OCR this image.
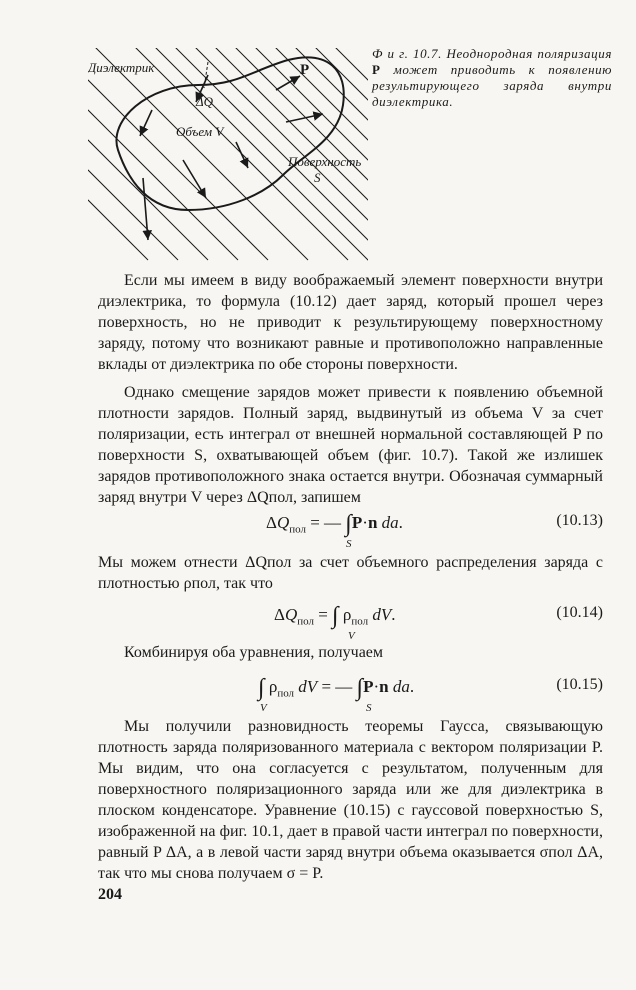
Диэлектрик
ΔQ
Объем V
Поверхность
S
P
Ф и г. 10.7. Неоднородная поляризация P может приводить к появлению результирующего заряда внутри диэлектрика.
Если мы имеем в виду воображаемый элемент поверхности внутри диэлектрика, то формула (10.12) дает заряд, который прошел через поверхность, но не приводит к результирующему поверхностному заряду, потому что возникают равные и противоположно направленные вклады от диэлектрика по обе стороны поверхности.
Однако смещение зарядов может привести к появлению объемной плотности зарядов. Полный заряд, выдвинутый из объема V за счет поляризации, есть интеграл от внешней нормальной составляющей P по поверхности S, охватывающей объем (фиг. 10.7). Такой же излишек зарядов противоположного знака остается внутри. Обозначая суммарный заряд внутри V через ΔQпол, запишем
$\Delta Q_{пол}$ = — ∫P·n da.
S
(10.13)
Мы можем отнести ΔQпол за счет объемного распределения заряда с плотностью ρпол, так что
$\Delta Q_{пол}$ = ∫ $\rho_{пол}$ dV.
V
(10.14)
Комбинируя оба уравнения, получаем
∫ $\rho_{пол}$ dV = — ∫P·n da.
V	S
(10.15)
Мы получили разновидность теоремы Гаусса, связывающую плотность заряда поляризованного материала с вектором поляризации P. Мы видим, что она согласуется с результатом, полученным для поверхностного поляризационного заряда или же для диэлектрика в плоском конденсаторе. Уравнение (10.15) с гауссовой поверхностью S, изображенной на фиг. 10.1, дает в правой части интеграл по поверхности, равный P ΔA, а в левой части заряд внутри объема оказывается σпол ΔA, так что мы снова получаем σ = P.
204
